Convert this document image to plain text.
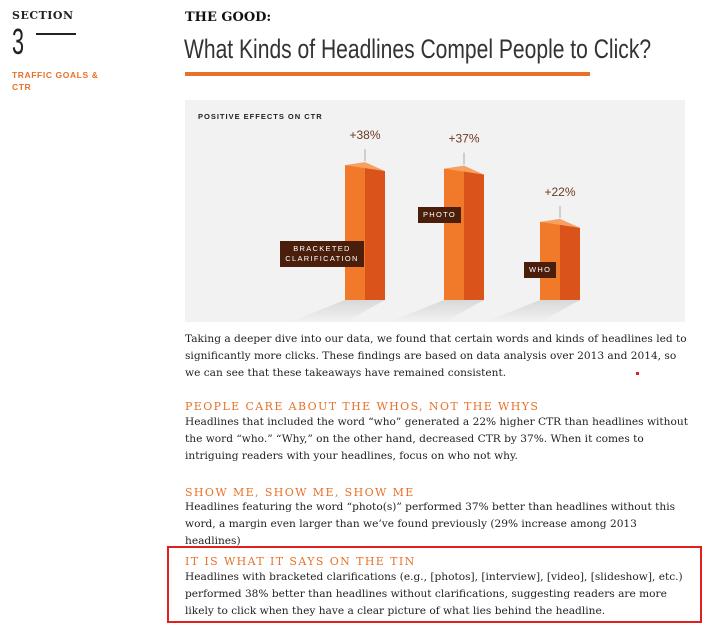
SECTION
3
TRAFFIC GOALS & CTR
THE GOOD:
What Kinds of Headlines Compel People to Click?
+38%	+37%
+22%
POSITIVE EFFECTS ON CTR
BRACKETED CLARIFICATION
PHOTO
WHO
Taking a deeper dive into our data, we found that certain words and kinds of headlines led to significantly more clicks. These findings are based on data analysis over 2013 and 2014, so we can see that these takeaways have remained consistent.
PEOPLE CARE ABOUT THE WHOS, NOT THE WHYS
Headlines that included the word “who” generated a 22% higher CTR than headlines without the word “who.” “Why,” on the other hand, decreased CTR by 37%. When it comes to intriguing readers with your headlines, focus on who not why.
SHOW ME, SHOW ME, SHOW ME
Headlines featuring the word “photo(s)” performed 37% better than headlines without this word, a margin even larger than we’ve found previously (29% increase among 2013 headlines)
IT IS WHAT IT SAYS ON THE TIN
Headlines with bracketed clarifications (e.g., [photos], [interview], [video], [slideshow], etc.) performed 38% better than headlines without clarifications, suggesting readers are more likely to click when they have a clear picture of what lies behind the headline.
